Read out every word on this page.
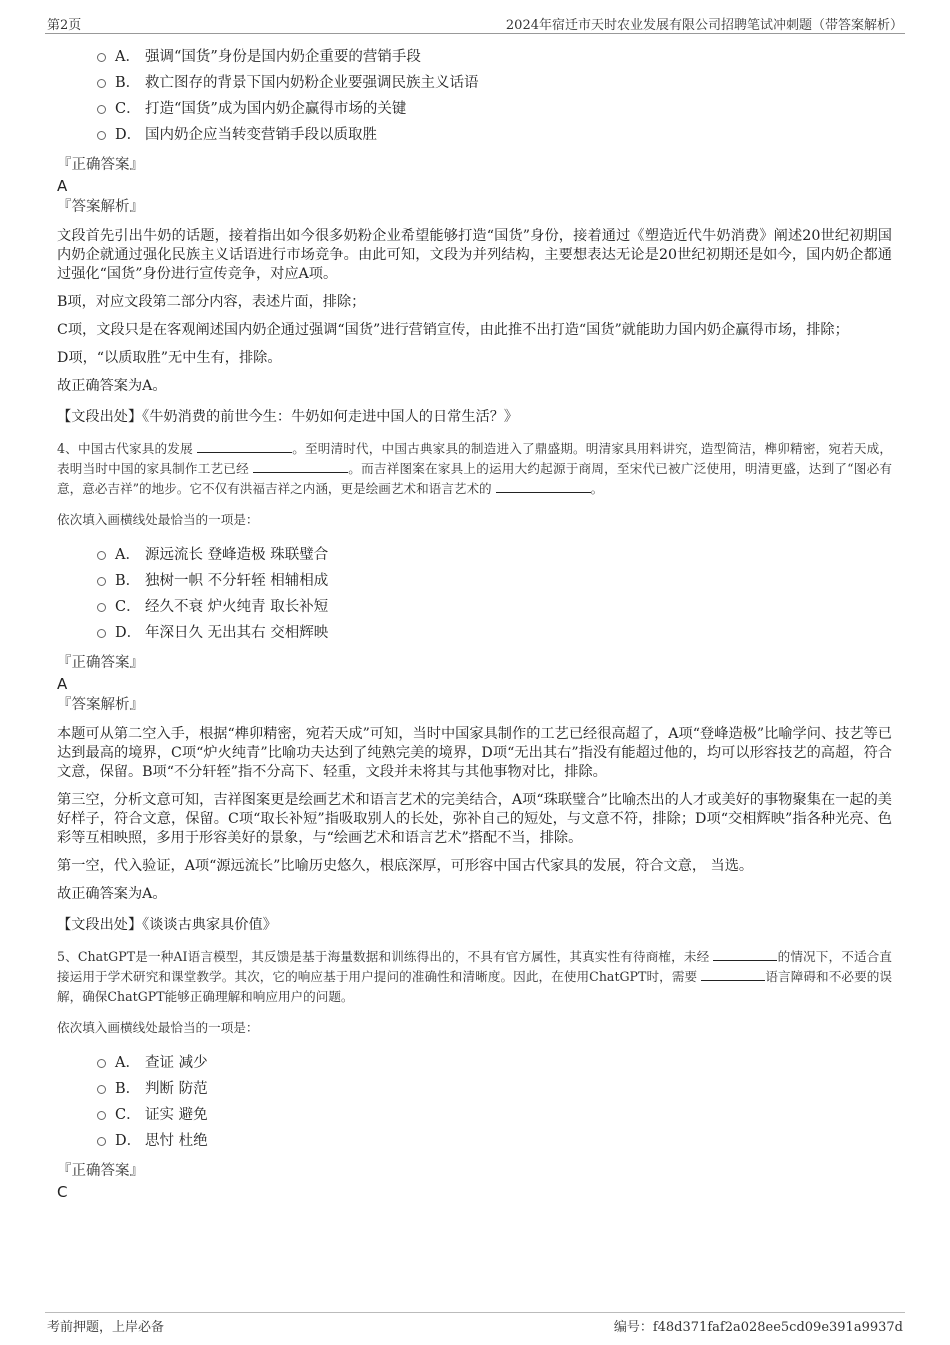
第2页	2024年宿迁市天时农业发展有限公司招聘笔试冲刺题（带答案解析）
A． 强调“国货”身份是国内奶企重要的营销手段
B． 救亡图存的背景下国内奶粉企业要强调民族主义话语
C． 打造“国货”成为国内奶企赢得市场的关键
D． 国内奶企应当转变营销手段以质取胜
『正确答案』
A
『答案解析』
文段首先引出牛奶的话题，接着指出如今很多奶粉企业希望能够打造“国货”身份，接着通过《塑造近代牛奶消费》阐述20世纪初期国内奶企就通过强化民族主义话语进行市场竞争。由此可知，文段为并列结构，主要想表达无论是20世纪初期还是如今，国内奶企都通过强化“国货”身份进行宣传竞争，对应A项。
B项，对应文段第二部分内容，表述片面，排除；
C项，文段只是在客观阐述国内奶企通过强调“国货”进行营销宣传，由此推不出打造“国货”就能助力国内奶企赢得市场，排除；
D项，“以质取胜”无中生有，排除。
故正确答案为A。
【文段出处】《牛奶消费的前世今生：牛奶如何走进中国人的日常生活？》
4、中国古代家具的发展	。至明清时代，中国古典家具的制造进入了鼎盛期。明清家具用料讲究，造型简洁，榫卯精密，宛若天成，表明当时中国的家具制作工艺已经	。而吉祥图案在家具上的运用大约起源于商周，至宋代已被广泛使用，明清更盛，达到了“图必有意，意必吉祥”的地步。它不仅有洪福吉祥之内涵，更是绘画艺术和语言艺术的	。
依次填入画横线处最恰当的一项是：
A． 源远流长 登峰造极 珠联璧合
B． 独树一帜 不分轩轾 相辅相成
C． 经久不衰 炉火纯青 取长补短
D． 年深日久 无出其右 交相辉映
『正确答案』
A
『答案解析』
本题可从第二空入手，根据“榫卯精密，宛若天成”可知，当时中国家具制作的工艺已经很高超了，A项“登峰造极”比喻学问、技艺等已达到最高的境界，C项“炉火纯青”比喻功夫达到了纯熟完美的境界，D项“无出其右”指没有能超过他的，均可以形容技艺的高超，符合文意，保留。B项“不分轩轾”指不分高下、轻重，文段并未将其与其他事物对比，排除。
第三空，分析文意可知，吉祥图案更是绘画艺术和语言艺术的完美结合，A项“珠联璧合”比喻杰出的人才或美好的事物聚集在一起的美好样子，符合文意，保留。C项“取长补短”指吸取别人的长处，弥补自己的短处，与文意不符，排除；D项“交相辉映”指各种光亮、色彩等互相映照，多用于形容美好的景象，与“绘画艺术和语言艺术”搭配不当，排除。
第一空，代入验证，A项“源远流长”比喻历史悠久，根底深厚，可形容中国古代家具的发展，符合文意， 当选。
故正确答案为A。
【文段出处】《谈谈古典家具价值》
5、ChatGPT是一种AI语言模型，其反馈是基于海量数据和训练得出的，不具有官方属性，其真实性有待商榷，未经	的情况下，不适合直接运用于学术研究和课堂教学。其次，它的响应基于用户提问的准确性和清晰度。因此，在使用ChatGPT时，需要	语言障碍和不必要的误解，确保ChatGPT能够正确理解和响应用户的问题。
依次填入画横线处最恰当的一项是：
A． 查证 减少
B． 判断 防范
C． 证实 避免
D． 思忖 杜绝
『正确答案』
C
考前押题，上岸必备	编号：f48d371faf2a028ee5cd09e391a9937d
